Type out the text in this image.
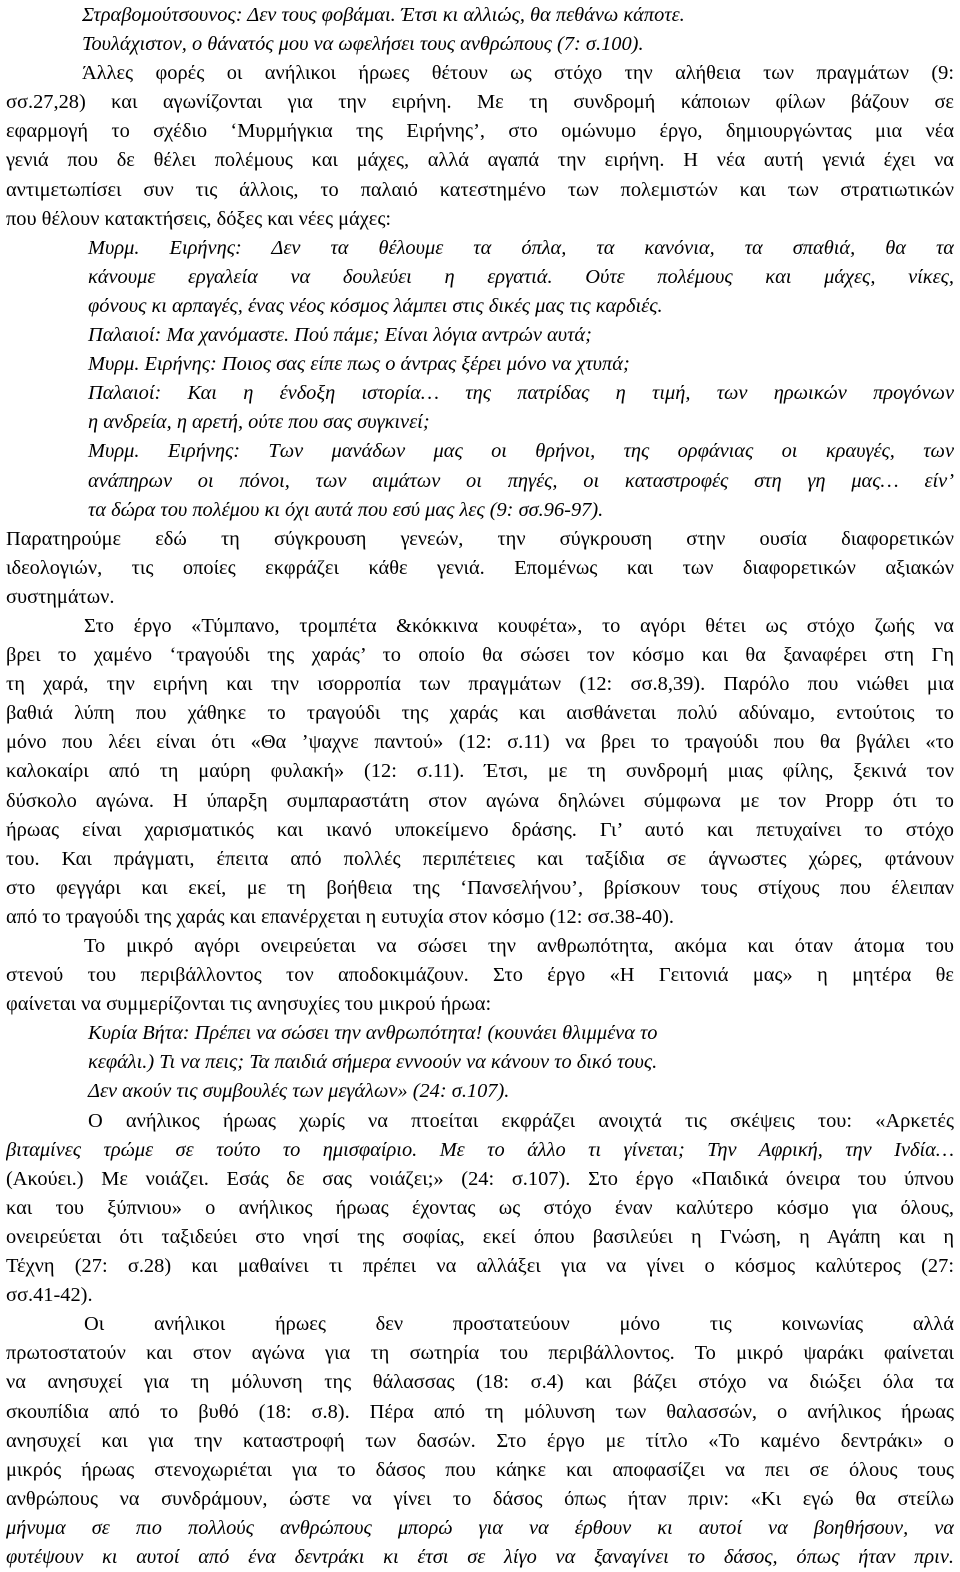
Στραβομούτσουνος: Δεν τους φοβάμαι. Έτσι κι αλλιώς, θα πεθάνω κάποτε.
Τουλάχιστον, ο θάνατός μου να ωφελήσει τους ανθρώπους (7: σ.100).
Άλλες φορές οι ανήλικοι ήρωες θέτουν ως στόχο την αλήθεια των πραγμάτων (9:
σσ.27,28) και αγωνίζονται για την ειρήνη. Με τη συνδρομή κάποιων φίλων βάζουν σε
εφαρμογή το σχέδιο ‘Μυρμήγκια της Ειρήνης’, στο ομώνυμο έργο, δημιουργώντας μια νέα
γενιά που δε θέλει πολέμους και μάχες, αλλά αγαπά την ειρήνη. Η νέα αυτή γενιά έχει να
αντιμετωπίσει συν τις άλλοις, το παλαιό κατεστημένο των πολεμιστών και των στρατιωτικών
που θέλουν κατακτήσεις, δόξες και νέες μάχες:
Μυρμ. Ειρήνης: Δεν τα θέλουμε τα όπλα, τα κανόνια, τα σπαθιά, θα τα
κάνουμε εργαλεία να δουλεύει η εργατιά. Ούτε πολέμους και μάχες, νίκες,
φόνους κι αρπαγές, ένας νέος κόσμος λάμπει στις δικές μας τις καρδιές.
Παλαιοί: Μα χανόμαστε. Πού πάμε; Είναι λόγια αντρών αυτά;
Μυρμ. Ειρήνης: Ποιος σας είπε πως ο άντρας ξέρει μόνο να χτυπά;
Παλαιοί: Και η ένδοξη ιστορία… της πατρίδας η τιμή, των ηρωικών προγόνων
η ανδρεία, η αρετή, ούτε που σας συγκινεί;
Μυρμ. Ειρήνης: Των μανάδων μας οι θρήνοι, της ορφάνιας οι κραυγές, των
ανάπηρων οι πόνοι, των αιμάτων οι πηγές, οι καταστροφές στη γη μας… είν’
τα δώρα του πολέμου κι όχι αυτά που εσύ μας λες (9: σσ.96-97).
Παρατηρούμε εδώ τη σύγκρουση γενεών, την σύγκρουση στην ουσία διαφορετικών
ιδεολογιών, τις οποίες εκφράζει κάθε γενιά. Επομένως και των διαφορετικών αξιακών
συστημάτων.
Στο έργο «Τύμπανο, τρομπέτα &κόκκινα κουφέτα», το αγόρι θέτει ως στόχο ζωής να
βρει το χαμένο ‘τραγούδι της χαράς’ το οποίο θα σώσει τον κόσμο και θα ξαναφέρει στη Γη
τη χαρά, την ειρήνη και την ισορροπία των πραγμάτων (12: σσ.8,39). Παρόλο που νιώθει μια
βαθιά λύπη που χάθηκε το τραγούδι της χαράς και αισθάνεται πολύ αδύναμο, εντούτοις το
μόνο που λέει είναι ότι «Θα ’ψαχνε παντού» (12: σ.11) να βρει το τραγούδι που θα βγάλει «το
καλοκαίρι από τη μαύρη φυλακή» (12: σ.11). Έτσι, με τη συνδρομή μιας φίλης, ξεκινά τον
δύσκολο αγώνα. Η ύπαρξη συμπαραστάτη στον αγώνα δηλώνει σύμφωνα με τον Propp ότι το
ήρωας είναι χαρισματικός και ικανό υποκείμενο δράσης. Γι’ αυτό και πετυχαίνει το στόχο
του. Και πράγματι, έπειτα από πολλές περιπέτειες και ταξίδια σε άγνωστες χώρες, φτάνουν
στο φεγγάρι και εκεί, με τη βοήθεια της ‘Πανσελήνου’, βρίσκουν τους στίχους που έλειπαν
από το τραγούδι της χαράς και επανέρχεται η ευτυχία στον κόσμο (12: σσ.38-40).
Το μικρό αγόρι ονειρεύεται να σώσει την ανθρωπότητα, ακόμα και όταν άτομα του
στενού του περιβάλλοντος τον αποδοκιμάζουν. Στο έργο «Η Γειτονιά μας» η μητέρα θε
φαίνεται να συμμερίζονται τις ανησυχίες του μικρού ήρωα:
Κυρία Βήτα: Πρέπει να σώσει την ανθρωπότητα! (κουνάει θλιμμένα το
κεφάλι.) Τι να πεις; Τα παιδιά σήμερα εννοούν να κάνουν το δικό τους.
Δεν ακούν τις συμβουλές των μεγάλων» (24: σ.107).
Ο ανήλικος ήρωας χωρίς να πτοείται εκφράζει ανοιχτά τις σκέψεις του: «Αρκετές
βιταμίνες τρώμε σε τούτο το ημισφαίριο. Με το άλλο τι γίνεται; Την Αφρική, την Ινδία…
(Ακούει.) Με νοιάζει. Εσάς δε σας νοιάζει;» (24: σ.107). Στο έργο «Παιδικά όνειρα του ύπνου
και του ξύπνιου» ο ανήλικος ήρωας έχοντας ως στόχο έναν καλύτερο κόσμο για όλους,
ονειρεύεται ότι ταξιδεύει στο νησί της σοφίας, εκεί όπου βασιλεύει η Γνώση, η Αγάπη και η
Τέχνη (27: σ.28) και μαθαίνει τι πρέπει να αλλάξει για να γίνει ο κόσμος καλύτερος (27:
σσ.41-42).
Οι ανήλικοι ήρωες δεν προστατεύουν μόνο τις κοινωνίας αλλά
πρωτοστατούν και στον αγώνα για τη σωτηρία του περιβάλλοντος. Το μικρό ψαράκι φαίνεται
να ανησυχεί για τη μόλυνση της θάλασσας (18: σ.4) και βάζει στόχο να διώξει όλα τα
σκουπίδια από το βυθό (18: σ.8). Πέρα από τη μόλυνση των θαλασσών, ο ανήλικος ήρωας
ανησυχεί και για την καταστροφή των δασών. Στο έργο με τίτλο «Το καμένο δεντράκι» ο
μικρός ήρωας στενοχωριέται για το δάσος που κάηκε και αποφασίζει να πει σε όλους τους
ανθρώπους να συνδράμουν, ώστε να γίνει το δάσος όπως ήταν πριν: «Κι εγώ θα στείλω
μήνυμα σε πιο πολλούς ανθρώπους μπορώ για να έρθουν κι αυτοί να βοηθήσουν, να
φυτέψουν κι αυτοί από ένα δεντράκι κι έτσι σε λίγο να ξαναγίνει το δάσος, όπως ήταν πριν.
